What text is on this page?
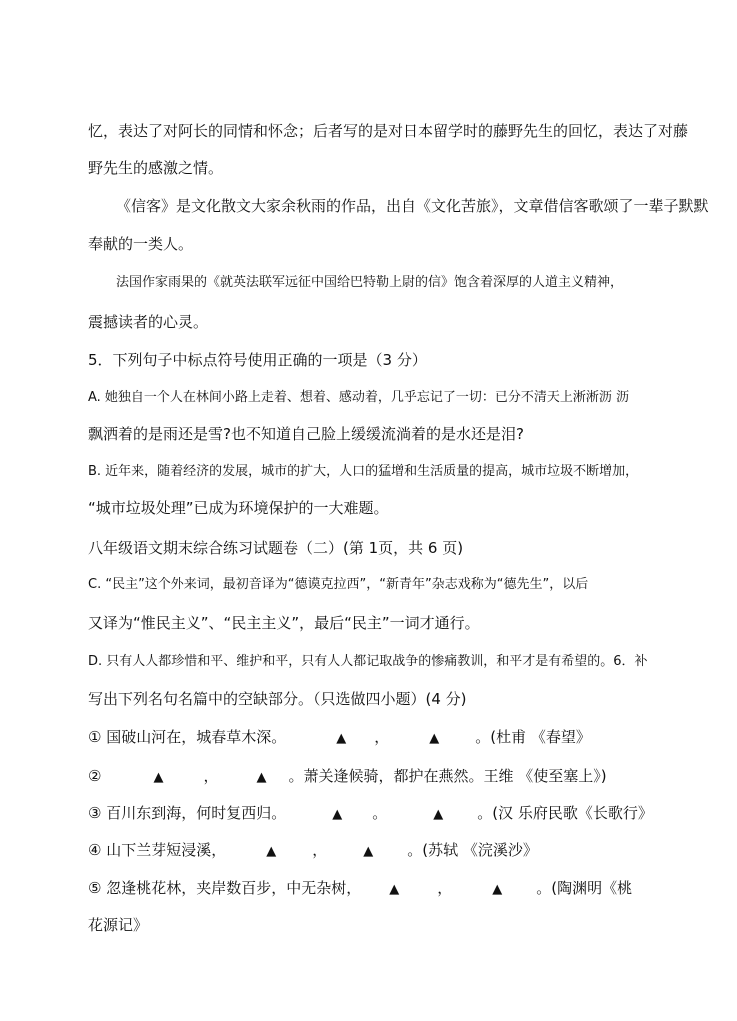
忆，表达了对阿长的同情和怀念；后者写的是对日本留学时的藤野先生的回忆，表达了对藤
野先生的感激之情。
《信客》是文化散文大家余秋雨的作品，出自《文化苦旅》，文章借信客歌颂了一辈子默默
奉献的一类人。
法国作家雨果的《就英法联军远征中国给巴特勒上尉的信》饱含着深厚的人道主义精神，
震撼读者的心灵。
5．下列句子中标点符号使用正确的一项是（3 分）
A. 她独自一个人在林间小路上走着、想着、感动着，几乎忘记了一切：已分不清天上淅淅沥 沥
飘洒着的是雨还是雪?也不知道自己脸上缓缓流淌着的是水还是泪?
B. 近年来，随着经济的发展，城市的扩大，人口的猛增和生活质量的提高，城市垃圾不断增加，
“城市垃圾处理”已成为环境保护的一大难题。
八年级语文期末综合练习试题卷（二）(第 1页，共 6 页)
C. “民主”这个外来词，最初音译为“德谟克拉西”，“新青年”杂志戏称为“德先生”，以后
又译为“惟民主义”、“民主主义”，最后“民主”一词才通行。
D. 只有人人都珍惜和平、维护和平，只有人人都记取战争的惨痛教训，和平才是有希望的。6．补
写出下列名句名篇中的空缺部分。（只选做四小题）(4 分)
① 国破山河在，城春草木深。	▲ ，	▲ 。(杜甫 《春望》
②	▲	，	▲ 。萧关逢候骑，都护在燕然。王维 《使至塞上》)
③ 百川东到海，何时复西归。	▲ 。	▲ 。(汉 乐府民歌《长歌行》
④ 山下兰芽短浸溪，	▲ ，	▲ 。(苏轼 《浣溪沙》
⑤ 忽逢桃花林，夹岸数百步，中无杂树， ▲	，	▲ 。(陶渊明《桃
花源记》
